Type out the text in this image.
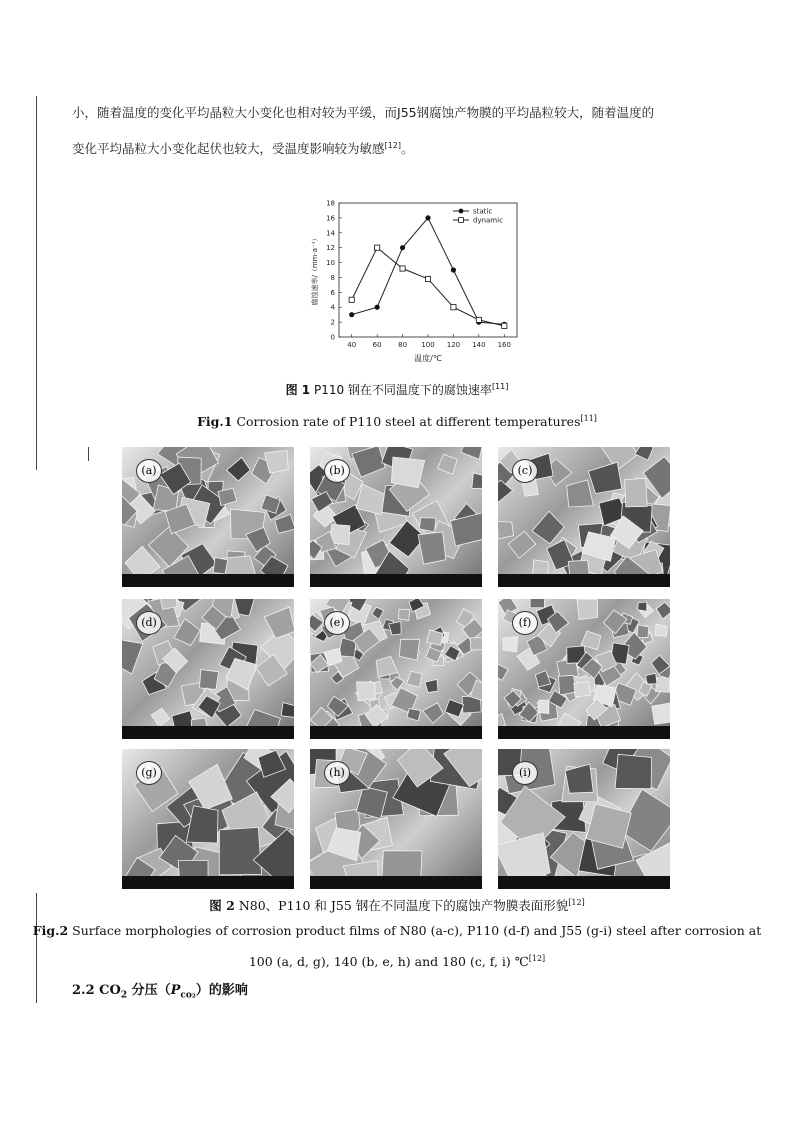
小，随着温度的变化平均晶粒大小变化也相对较为平缓，而J55钢腐蚀产物膜的平均晶粒较大，随着温度的

变化平均晶粒大小变化起伏也较大，受温度影响较为敏感[12]。

0
2
4
6
8
10
12
14
16
18
40 60 80 100 120 140 160
温度/℃
腐蚀速率/（mm·a⁻¹）
static
dynamic
图 1 P110 钢在不同温度下的腐蚀速率[11]
Fig.1 Corrosion rate of P110 steel at different temperatures[11]
(a)	(b)	(c)
(d)	(e)	(f)
(g)	(h)	(i)
图 2 N80、P110 和 J55 钢在不同温度下的腐蚀产物膜表面形貌[12]
Fig.2 Surface morphologies of corrosion product films of N80 (a-c), P110 (d-f) and J55 (g-i) steel after corrosion at
100 (a, d, g), 140 (b, e, h) and 180 (c, f, i) ℃[12]
2.2 $CO_2$ 分压$(P_{co_2})$的影响
